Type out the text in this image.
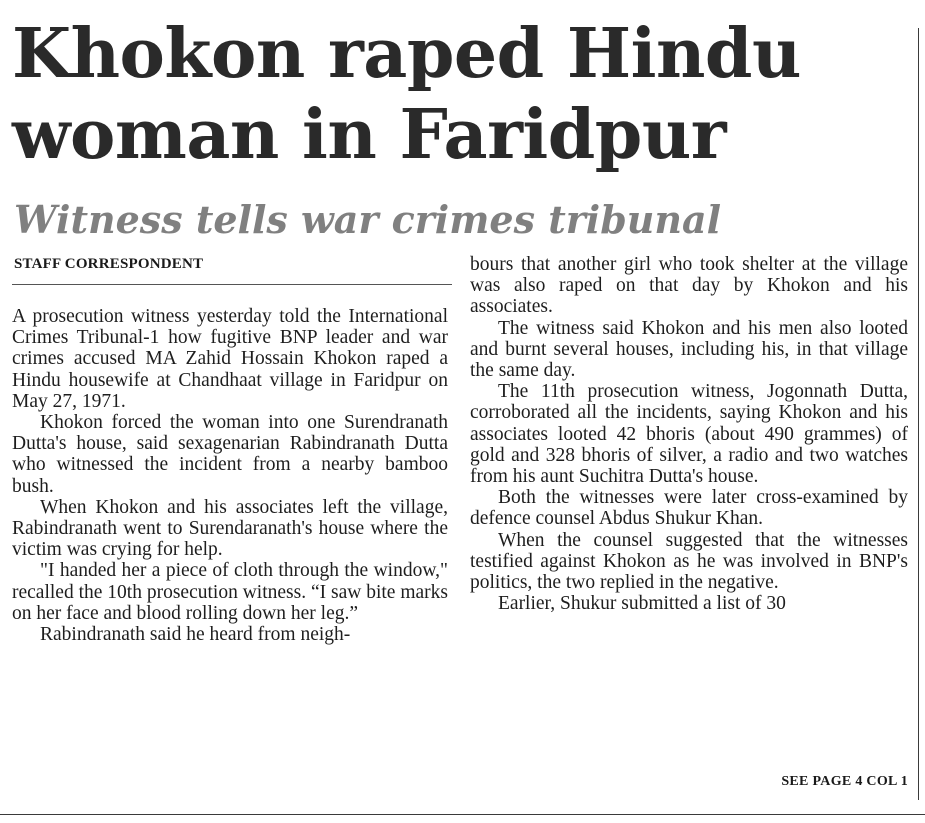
Khokon raped Hindu woman in Faridpur
Witness tells war crimes tribunal
STAFF CORRESPONDENT

A prosecution witness yesterday told the International Crimes Tribunal-1 how fugitive BNP leader and war crimes accused MA Zahid Hossain Khokon raped a Hindu housewife at Chandhaat village in Faridpur on May 27, 1971.

Khokon forced the woman into one Surendranath Dutta's house, said sexagenarian Rabindranath Dutta who witnessed the incident from a nearby bamboo bush.

When Khokon and his associates left the village, Rabindranath went to Surendaranath's house where the victim was crying for help.

"I handed her a piece of cloth through the window," recalled the 10th prosecution witness. “I saw bite marks on her face and blood rolling down her leg.”

Rabindranath said he heard from neigh-

bours that another girl who took shelter at the village was also raped on that day by Khokon and his associates.

The witness said Khokon and his men also looted and burnt several houses, including his, in that village the same day.

The 11th prosecution witness, Jogonnath Dutta, corroborated all the incidents, saying Khokon and his associates looted 42 bhoris (about 490 grammes) of gold and 328 bhoris of silver, a radio and two watches from his aunt Suchitra Dutta's house.

Both the witnesses were later cross-examined by defence counsel Abdus Shukur Khan.

When the counsel suggested that the witnesses testified against Khokon as he was involved in BNP's politics, the two replied in the negative.

Earlier, Shukur submitted a list of 30

SEE PAGE 4 COL 1
